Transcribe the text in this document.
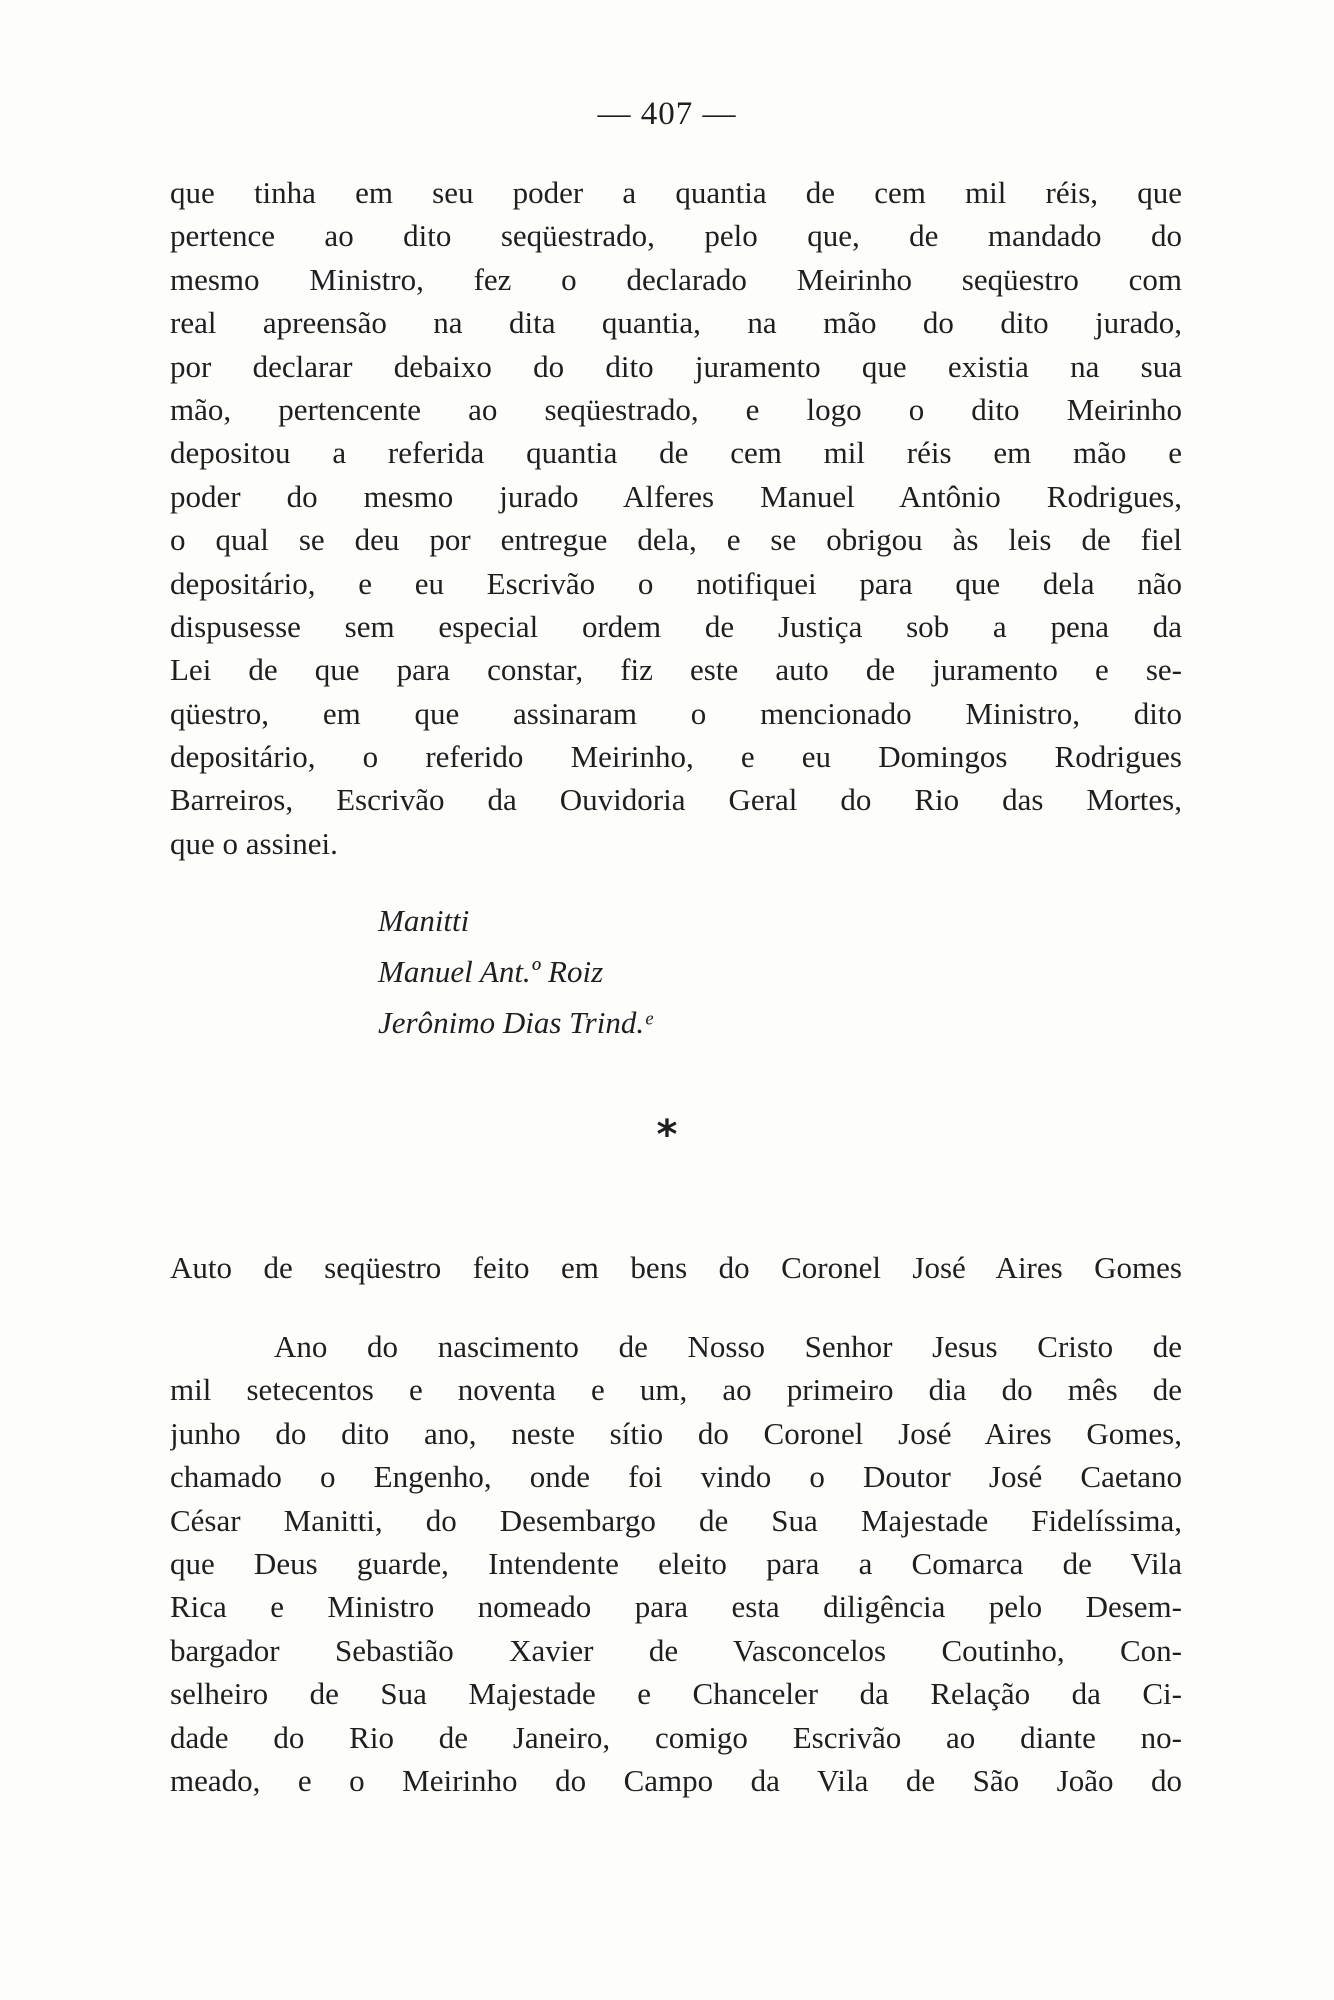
— 407 —
que tinha em seu poder a quantia de cem mil réis, que
pertence ao dito seqüestrado, pelo que, de mandado do
mesmo Ministro, fez o declarado Meirinho seqüestro com
real apreensão na dita quantia, na mão do dito jurado,
por declarar debaixo do dito juramento que existia na sua
mão, pertencente ao seqüestrado, e logo o dito Meirinho
depositou a referida quantia de cem mil réis em mão e
poder do mesmo jurado Alferes Manuel Antônio Rodrigues,
o qual se deu por entregue dela, e se obrigou às leis de fiel
depositário, e eu Escrivão o notifiquei para que dela não
dispusesse sem especial ordem de Justiça sob a pena da
Lei de que para constar, fiz este auto de juramento e se-
qüestro, em que assinaram o mencionado Ministro, dito
depositário, o referido Meirinho, e eu Domingos Rodrigues
Barreiros, Escrivão da Ouvidoria Geral do Rio das Mortes,
que o assinei.
Manitti
Manuel Ant.º Roiz
Jerônimo Dias Trind.ᵉ
*
Auto de seqüestro feito em bens do Coronel José Aires Gomes
Ano do nascimento de Nosso Senhor Jesus Cristo de
mil setecentos e noventa e um, ao primeiro dia do mês de
junho do dito ano, neste sítio do Coronel José Aires Gomes,
chamado o Engenho, onde foi vindo o Doutor José Caetano
César Manitti, do Desembargo de Sua Majestade Fidelíssima,
que Deus guarde, Intendente eleito para a Comarca de Vila
Rica e Ministro nomeado para esta diligência pelo Desem-
bargador Sebastião Xavier de Vasconcelos Coutinho, Con-
selheiro de Sua Majestade e Chanceler da Relação da Ci-
dade do Rio de Janeiro, comigo Escrivão ao diante no-
meado, e o Meirinho do Campo da Vila de São João do
